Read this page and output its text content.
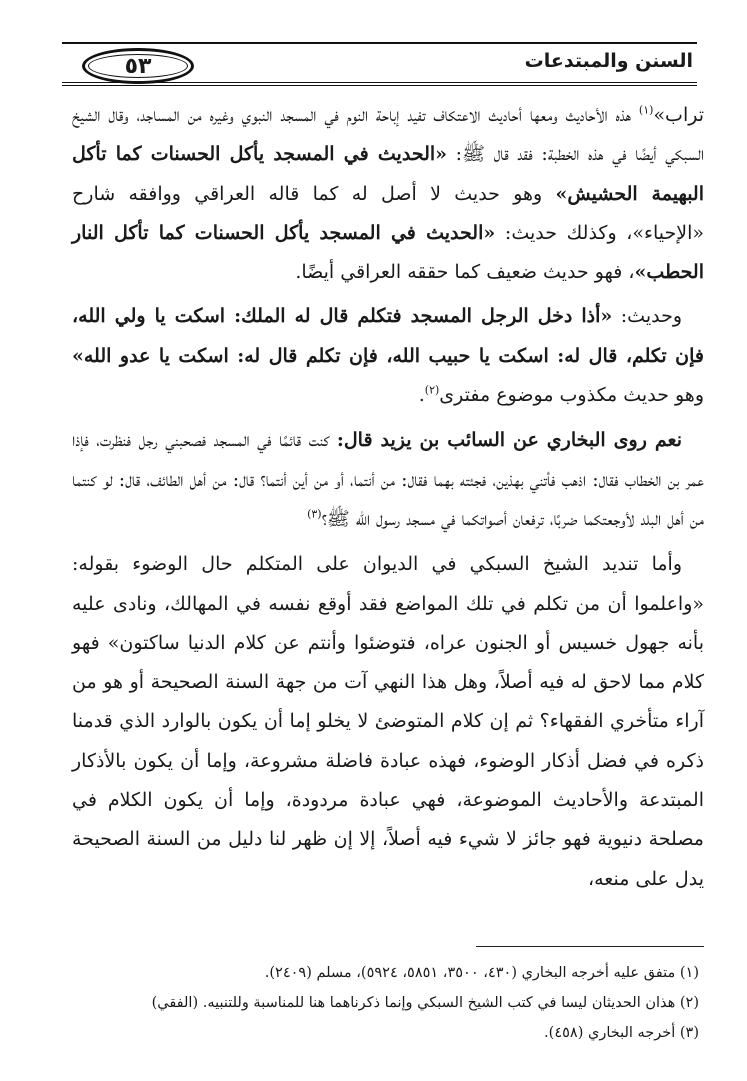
السنن والمبتدعات
٥٣

تراب»$^{(١)}$ هذه الأحاديث ومعها أحاديث الاعتكاف تفيد إباحة النوم في المسجد النبوي وغيره من المساجد، وقال الشيخ السبكي أيضًا في هذه الخطبة: فقد قال ﷺ: «الحديث في المسجد يأكل الحسنات كما تأكل البهيمة الحشيش» وهو حديث لا أصل له كما قاله العراقي ووافقه شارح «الإحياء»، وكذلك حديث: «الحديث في المسجد يأكل الحسنات كما تأكل النار الحطب»، فهو حديث ضعيف كما حققه العراقي أيضًا.

وحديث: «أذا دخل الرجل المسجد فتكلم قال له الملك: اسكت يا ولي الله، فإن تكلم، قال له: اسكت يا حبيب الله، فإن تكلم قال له: اسكت يا عدو الله» وهو حديث مكذوب موضوع مفترى$^{(٢)}$.

نعم روى البخاري عن السائب بن يزيد قال: كنت قائمًا في المسجد فصحبني رجل فنظرت، فإذا عمر بن الخطاب فقال: اذهب فأتني بهذين، فجئته بهما فقال: من أنتما، أو من أين أنتما؟ قال: من أهل الطائف، قال: لو كنتما من أهل البلد لأوجعتكما ضربًا، ترفعان أصواتكما في مسجد رسول الله ﷺ؟$^{(٣)}$

وأما تنديد الشيخ السبكي في الديوان على المتكلم حال الوضوء بقوله: «واعلموا أن من تكلم في تلك المواضع فقد أوقع نفسه في المهالك، ونادى عليه بأنه جهول خسيس أو الجنون عراه، فتوضئوا وأنتم عن كلام الدنيا ساكتون» فهو كلام مما لاحق له فيه أصلاً، وهل هذا النهي آت من جهة السنة الصحيحة أو هو من آراء متأخري الفقهاء؟ ثم إن كلام المتوضئ لا يخلو إما أن يكون بالوارد الذي قدمنا ذكره في فضل أذكار الوضوء، فهذه عبادة فاضلة مشروعة، وإما أن يكون بالأذكار المبتدعة والأحاديث الموضوعة، فهي عبادة مردودة، وإما أن يكون الكلام في مصلحة دنيوية فهو جائز لا شيء فيه أصلاً، إلا إن ظهر لنا دليل من السنة الصحيحة يدل على منعه،

(١) متفق عليه أخرجه البخاري (٤٣٠، ٣٥٠٠، ٥٨٥١، ٥٩٢٤)، مسلم (٢٤٠٩).

(٢) هذان الحديثان ليسا في كتب الشيخ السبكي وإنما ذكرناهما هنا للمناسبة وللتنبيه. (الفقي)

(٣) أخرجه البخاري (٤٥٨).
